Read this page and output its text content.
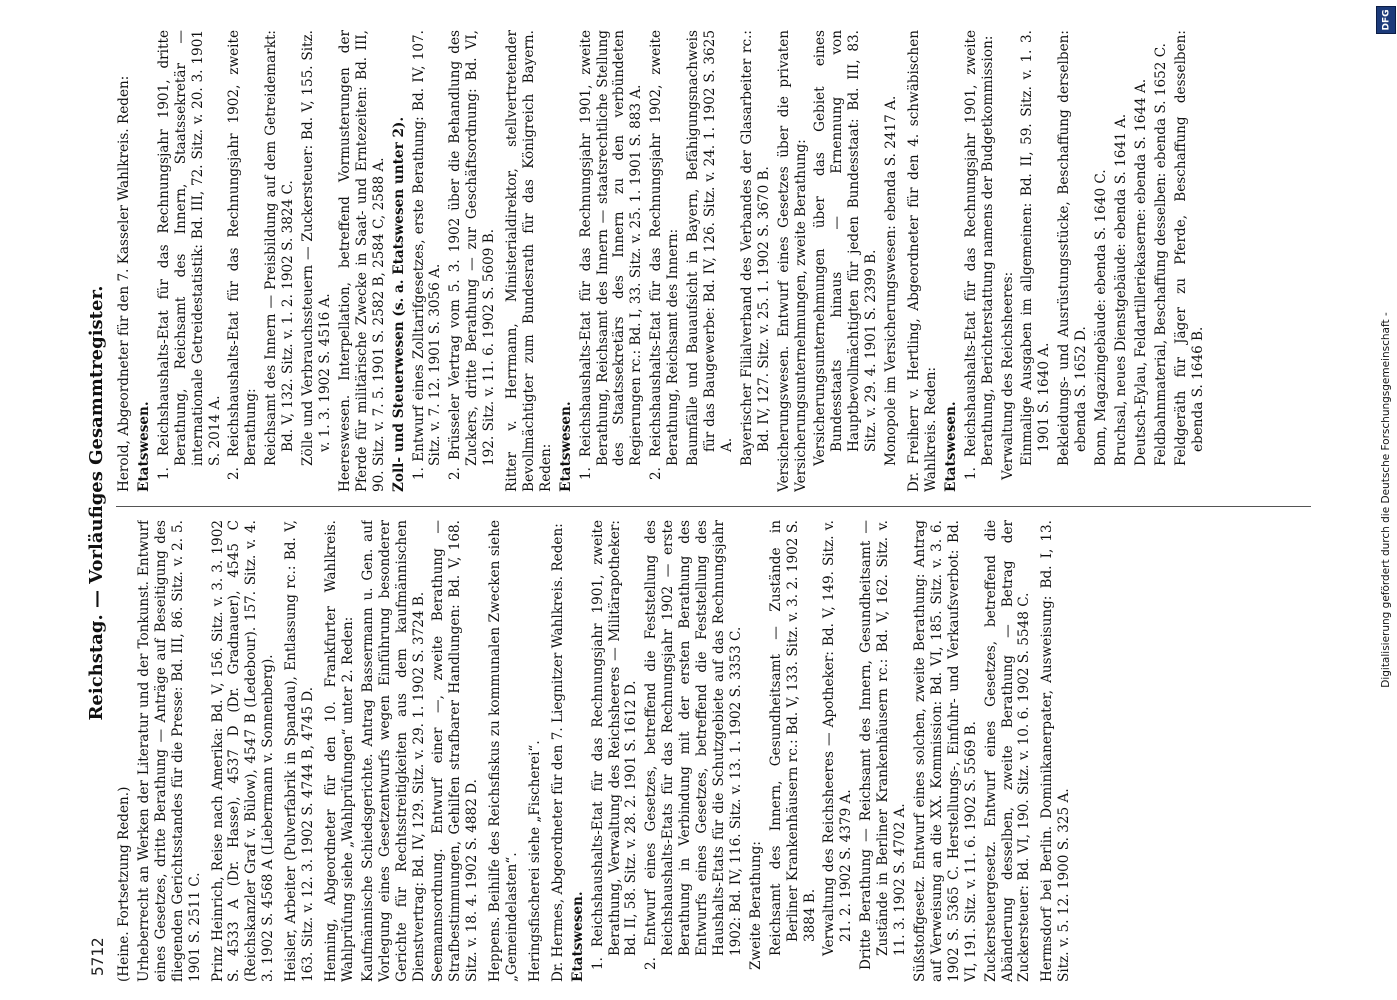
5712
Reichstag. — Vorläufiges Gesammtregister.

(Heine. Fortsetzung Reden.) Urheberrecht an Werken der Literatur und der Tonkunst. Entwurf eines Gesetzes, dritte Berathung — Anträge auf Beseitigung des fliegenden Gerichtsstandes für die Presse: Bd. III, 86. Sitz. v. 2. 5. 1901 S. 2511 C. Prinz Heinrich, Reise nach Amerika: Bd. V, 156. Sitz. v. 3. 3. 1902 S. 4533 A (Dr. Hasse), 4537 D (Dr. Gradnauer), 4545 C (Reichskanzler Graf v. Bülow), 4547 B (Ledebour). 157. Sitz. v. 4. 3. 1902 S. 4568 A (Liebermann v. Sonnenberg). Heisler, Arbeiter (Pulverfabrik in Spandau), Entlassung rc.: Bd. V, 163. Sitz. v. 12. 3. 1902 S. 4744 B, 4745 D. Henning, Abgeordneter für den 10. Frankfurter Wahlkreis. Wahlprüfung siehe „Wahlprüfungen“ unter 2. Reden: Kaufmännische Schiedsgerichte. Antrag Bassermann u. Gen. auf Vorlegung eines Gesetzentwurfs wegen Einführung besonderer Gerichte für Rechtsstreitigkeiten aus dem kaufmännischen Dienstvertrag: Bd. IV, 129. Sitz. v. 29. 1. 1902 S. 3724 B. Seemannsordnung. Entwurf einer —, zweite Berathung — Strafbestimmungen, Gehilfen strafbarer Handlungen: Bd. V, 168. Sitz. v. 18. 4. 1902 S. 4882 D. Heppens. Beihilfe des Reichsfiskus zu kommunalen Zwecken siehe „Gemeindelasten“. Heringsfischerei siehe „Fischerei“. Dr. Hermes, Abgeordneter für den 7. Liegnitzer Wahlkreis. Reden: Etatswesen. 1. Reichshaushalts-Etat für das Rechnungsjahr 1901, zweite Berathung, Verwaltung des Reichsheeres — Militärapotheker: Bd. II, 58. Sitz. v. 28. 2. 1901 S. 1612 D. 2. Entwurf eines Gesetzes, betreffend die Feststellung des Reichshaushalts-Etats für das Rechnungsjahr 1902 — erste Berathung in Verbindung mit der ersten Berathung des Entwurfs eines Gesetzes, betreffend die Feststellung des Haushalts-Etats für die Schutzgebiete auf das Rechnungsjahr 1902: Bd. IV, 116. Sitz. v. 13. 1. 1902 S. 3353 C. Zweite Berathung: Reichsamt des Innern, Gesundheitsamt — Zustände in Berliner Krankenhäusern rc.: Bd. V, 133. Sitz. v. 3. 2. 1902 S. 3884 B. Verwaltung des Reichsheeres — Apotheker: Bd. V, 149. Sitz. v. 21. 2. 1902 S. 4379 A. Dritte Berathung — Reichsamt des Innern, Gesundheitsamt — Zustände in Berliner Krankenhäusern rc.: Bd. V, 162. Sitz. v. 11. 3. 1902 S. 4702 A. Süßstoffgesetz. Entwurf eines solchen, zweite Berathung: Antrag auf Verweisung an die XX. Kommission: Bd. VI, 185. Sitz. v. 3. 6. 1902 S. 5365 C. Herstellungs-, Einfuhr- und Verkaufsverbot: Bd. VI, 191. Sitz. v. 11. 6. 1902 S. 5569 B. Zuckersteuergesetz. Entwurf eines Gesetzes, betreffend die Abänderung desselben, zweite Berathung — Betrag der Zuckersteuer: Bd. VI, 190. Sitz. v. 10. 6. 1902 S. 5548 C. Hermsdorf bei Berlin. Dominikanerpater, Ausweisung: Bd. I, 13. Sitz. v. 5. 12. 1900 S. 325 A.

Herold, Abgeordneter für den 7. Kasseler Wahlkreis. Reden: Etatswesen. 1. Reichshaushalts-Etat für das Rechnungsjahr 1901, dritte Berathung, Reichsamt des Innern, Staatssekretär — internationale Getreidestatistik: Bd. III, 72. Sitz. v. 20. 3. 1901 S. 2014 A. 2. Reichshaushalts-Etat für das Rechnungsjahr 1902, zweite Berathung: Reichsamt des Innern — Preisbildung auf dem Getreidemarkt: Bd. V, 132. Sitz. v. 1. 2. 1902 S. 3824 C. Zölle und Verbrauchssteuern — Zuckersteuer: Bd. V, 155. Sitz. v. 1. 3. 1902 S. 4516 A. Heereswesen. Interpellation, betreffend Vormusterungen der Pferde für militärische Zwecke in Saat- und Erntezeiten: Bd. III, 90. Sitz. v. 7. 5. 1901 S. 2582 B, 2584 C, 2588 A. Zoll- und Steuerwesen (s. a. Etatswesen unter 2). 1. Entwurf eines Zolltarifgesetzes, erste Berathung: Bd. IV, 107. Sitz. v. 7. 12. 1901 S. 3056 A. 2. Brüsseler Vertrag vom 5. 3. 1902 über die Behandlung des Zuckers, dritte Berathung — zur Geschäftsordnung: Bd. VI, 192. Sitz. v. 11. 6. 1902 S. 5609 B. Ritter v. Herrmann, Ministerialdirektor, stellvertretender Bevollmächtigter zum Bundesrath für das Königreich Bayern. Reden: Etatswesen. 1. Reichshaushalts-Etat für das Rechnungsjahr 1901, zweite Berathung, Reichsamt des Innern — staatsrechtliche Stellung des Staatssekretärs des Innern zu den verbündeten Regierungen rc.: Bd. I, 33. Sitz. v. 25. 1. 1901 S. 883 A. 2. Reichshaushalts-Etat für das Rechnungsjahr 1902, zweite Berathung, Reichsamt des Innern: Baumfälle und Bauaufsicht in Bayern, Befähigungsnachweis für das Baugewerbe: Bd. IV, 126. Sitz. v. 24. 1. 1902 S. 3625 A. Bayerischer Filialverband des Verbandes der Glasarbeiter rc.: Bd. IV, 127. Sitz. v. 25. 1. 1902 S. 3670 B. Versicherungswesen. Entwurf eines Gesetzes über die privaten Versicherungsunternehmungen, zweite Berathung: Versicherungsunternehmungen über das Gebiet eines Bundesstaats hinaus — Ernennung von Hauptbevollmächtigten für jeden Bundesstaat: Bd. III, 83. Sitz. v. 29. 4. 1901 S. 2399 B. Monopole im Versicherungswesen: ebenda S. 2417 A. Dr. Freiherr v. Hertling, Abgeordneter für den 4. schwäbischen Wahlkreis. Reden: Etatswesen. 1. Reichshaushalts-Etat für das Rechnungsjahr 1901, zweite Berathung, Berichterstattung namens der Budgetkommission: Verwaltung des Reichsheeres: Einmalige Ausgaben im allgemeinen: Bd. II, 59. Sitz. v. 1. 3. 1901 S. 1640 A. Bekleidungs- und Ausrüstungsstücke, Beschaffung derselben: ebenda S. 1652 D. Bonn, Magazingebäude: ebenda S. 1640 C. Bruchsal, neues Dienstgebäude: ebenda S. 1641 A. Deutsch-Eylau, Feldartilleriekaserne: ebenda S. 1644 A. Feldbahnmaterial, Beschaffung desselben: ebenda S. 1652 C. Feldgeräth für Jäger zu Pferde, Beschaffung desselben: ebenda S. 1646 B.	Digitalisierung gefördert durch die Deutsche Forschungsgemeinschaft -
DFG
